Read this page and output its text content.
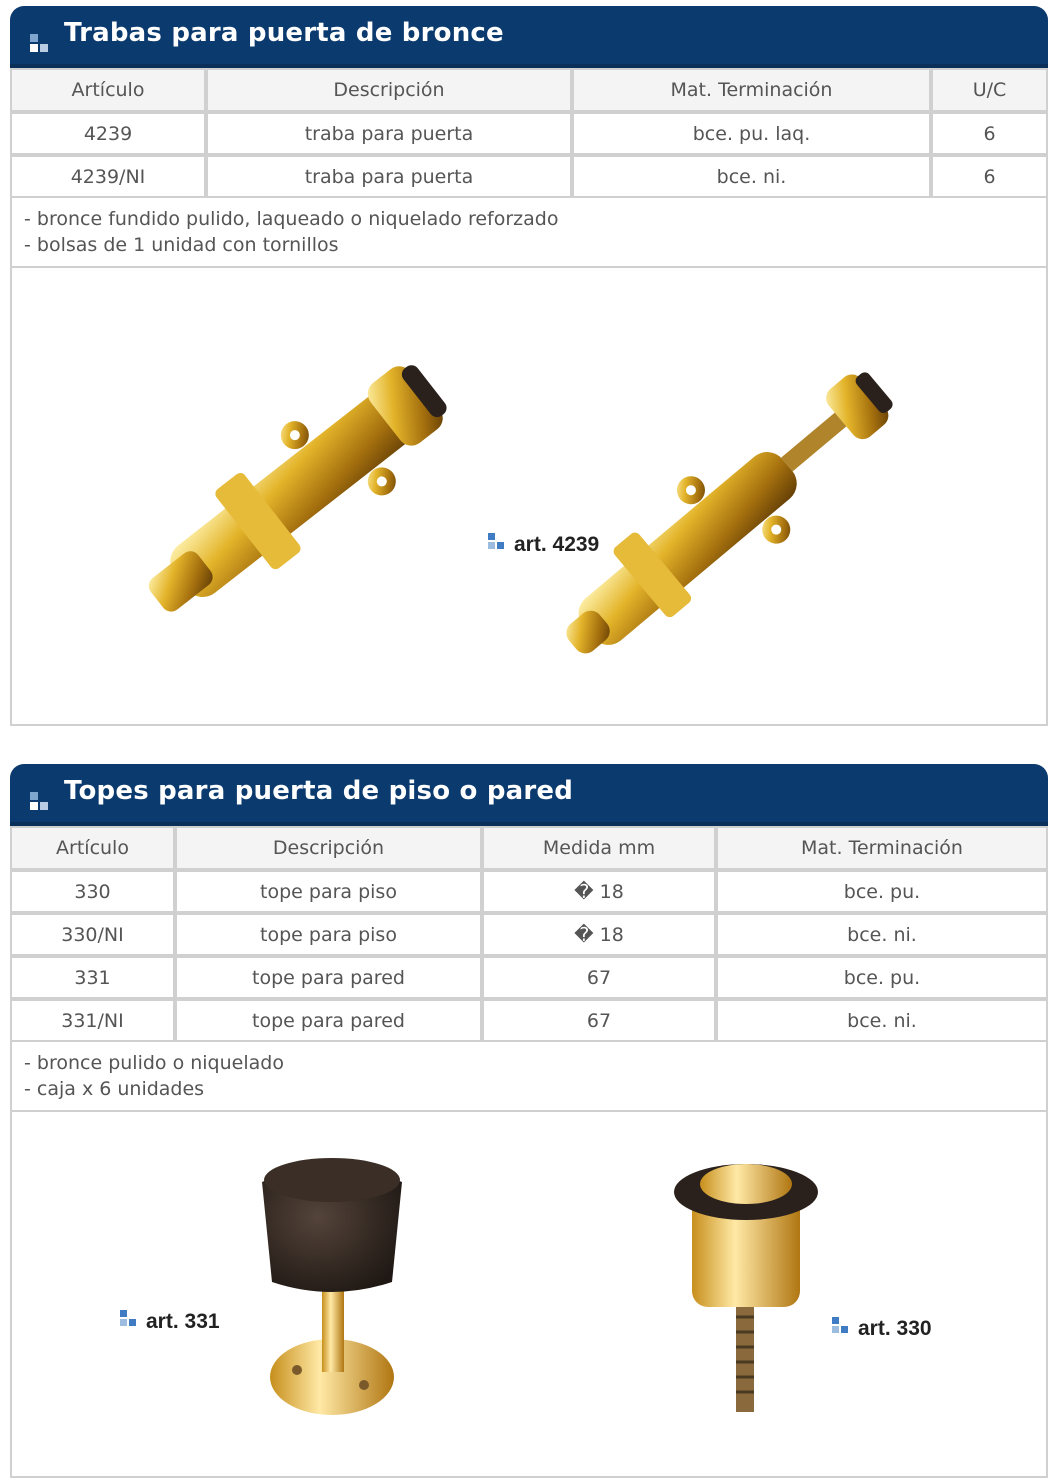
Trabas para puerta de bronce
Artículo	Descripción	Mat. Terminación	U/C
4239	traba para puerta	bce. pu. laq.	6
4239/NI	traba para puerta	bce. ni.	6
- bronce fundido pulido, laqueado o niquelado reforzado
- bolsas de 1 unidad con tornillos
art. 4239
Topes para puerta de piso o pared
Artículo	Descripción	Medida mm	Mat. Terminación
330	tope para piso	� 18	bce. pu.
330/NI	tope para piso	� 18	bce. ni.
331	tope para pared	67	bce. pu.
331/NI	tope para pared	67	bce. ni.
- bronce pulido o niquelado
- caja x 6 unidades
art. 331	art. 330
